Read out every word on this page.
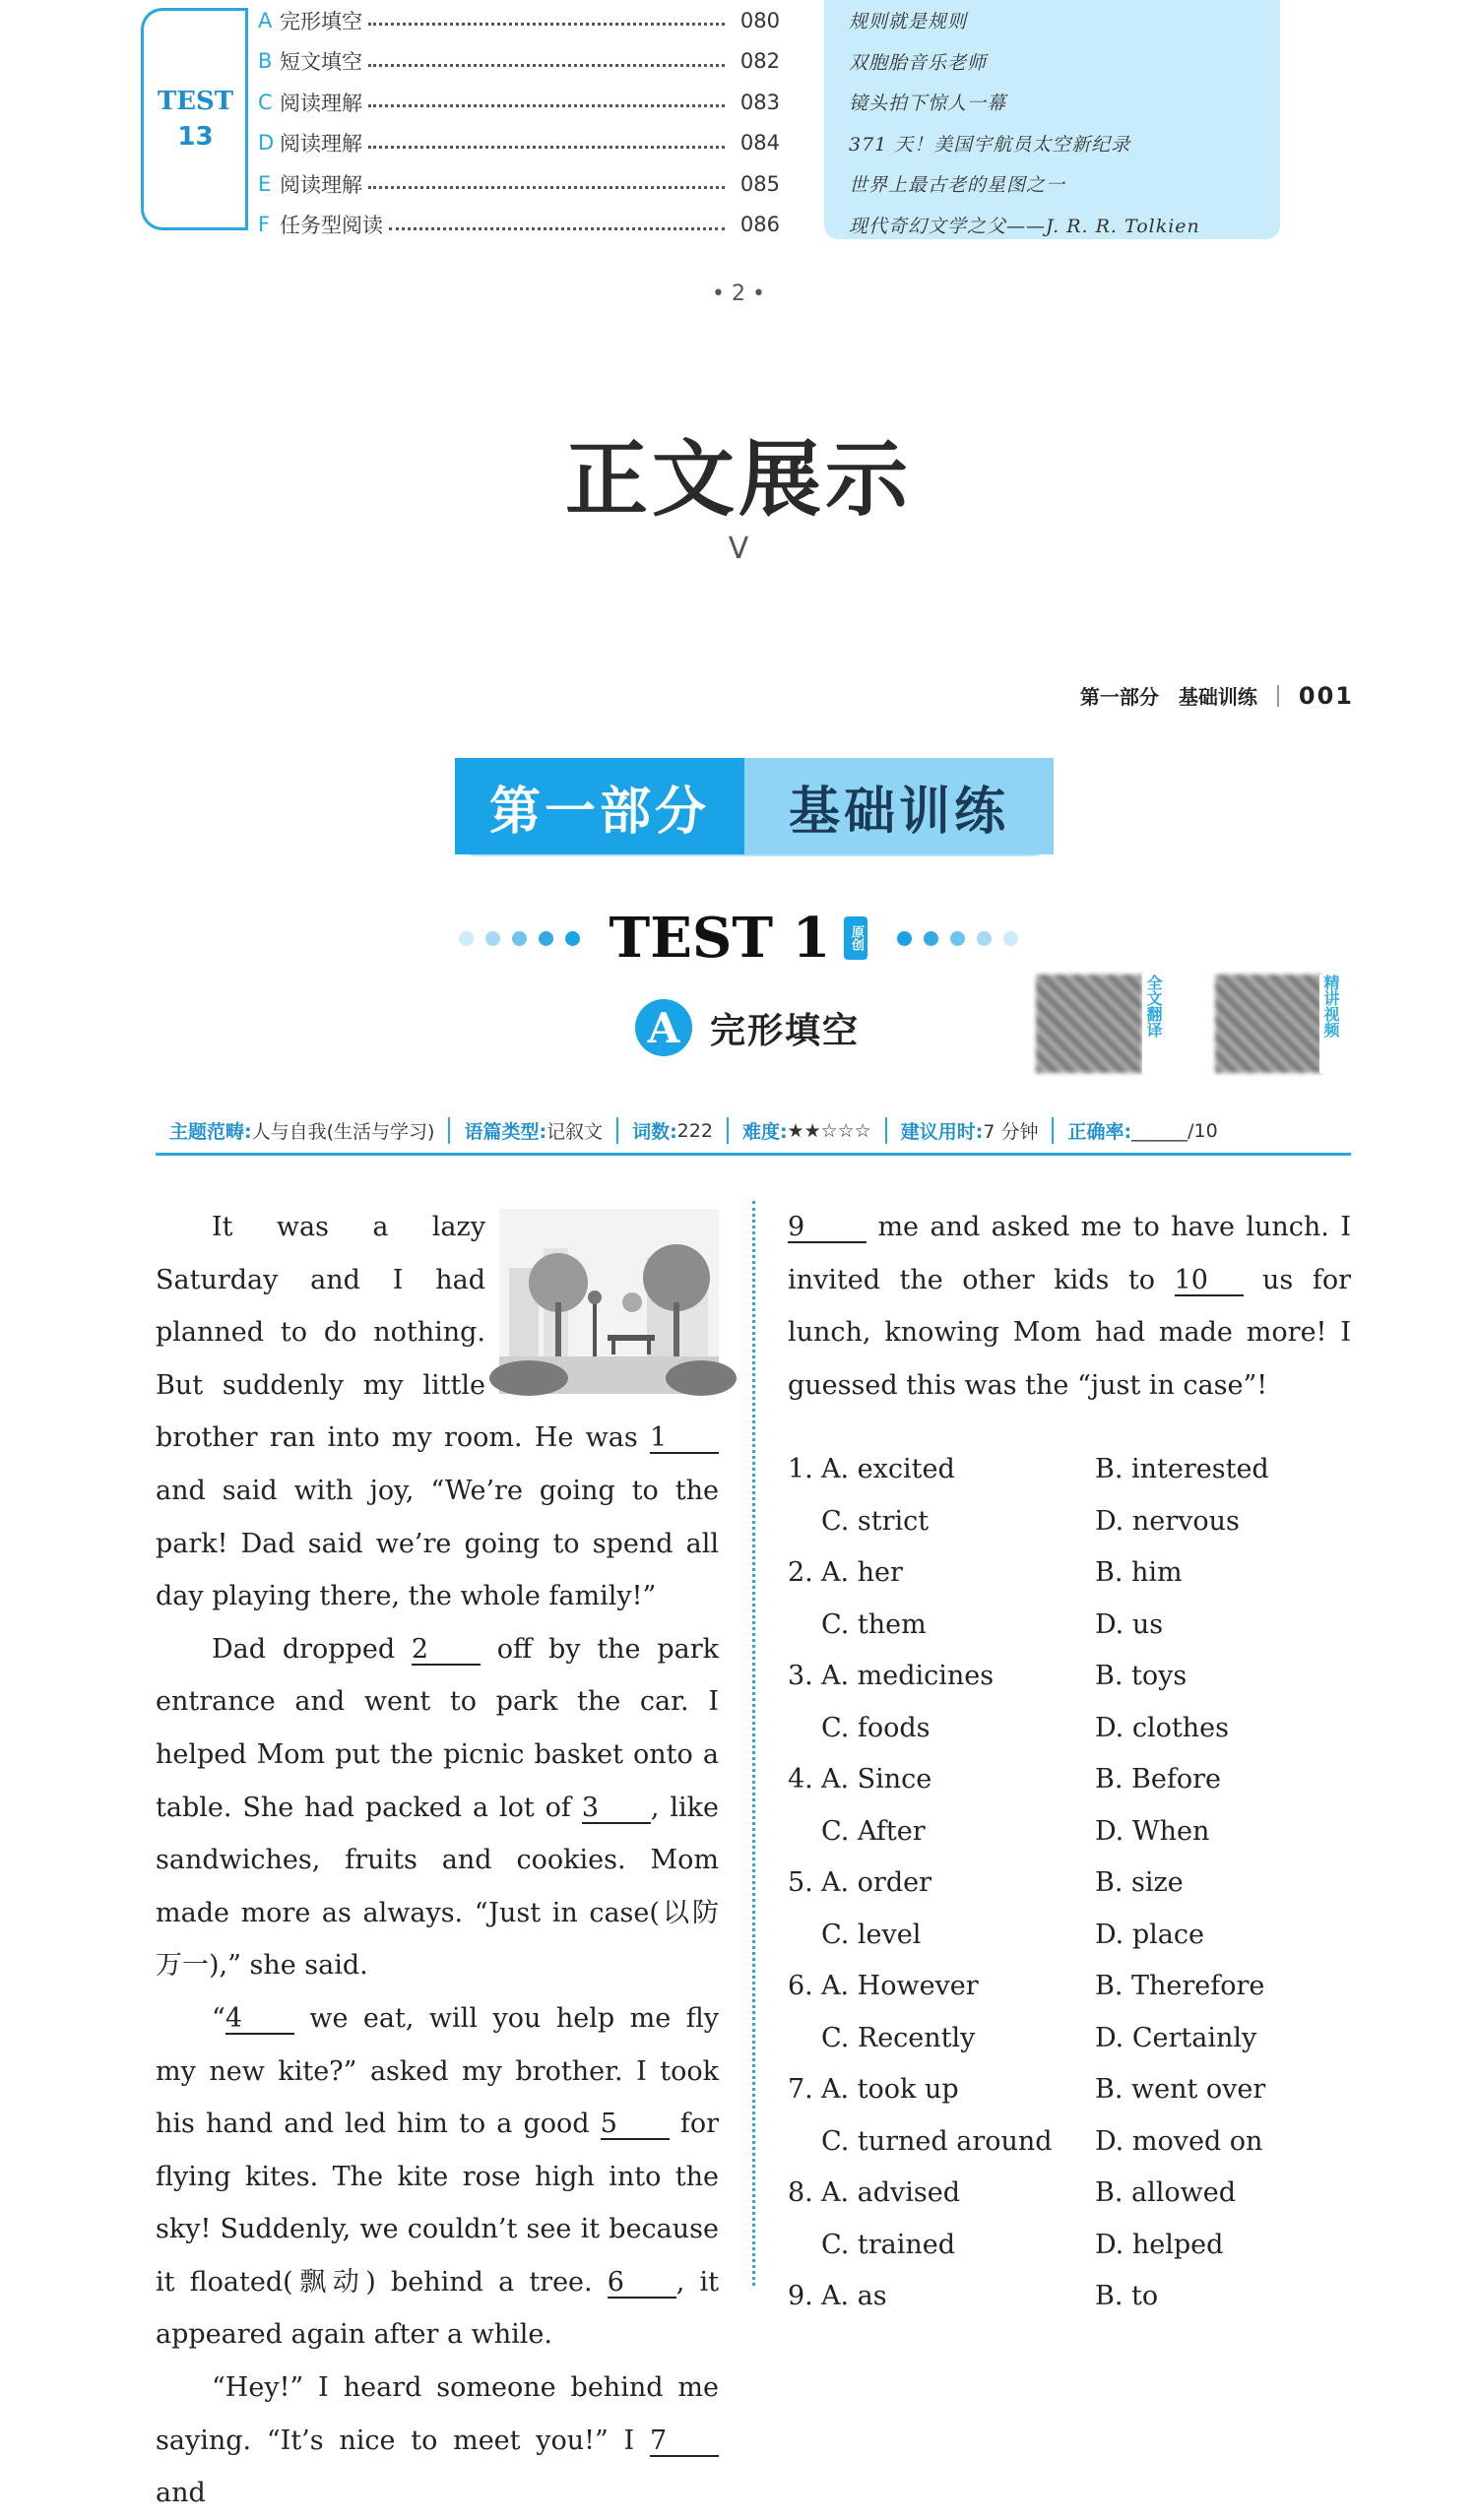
TEST
13
A 完形填空	080
B 短文填空	082
C 阅读理解	083
D 阅读理解	084
E 阅读理解	085
F 任务型阅读	086
规则就是规则
双胞胎音乐老师
镜头拍下惊人一幕
371 天！美国宇航员太空新纪录
世界上最古老的星图之一
现代奇幻文学之父——J. R. R. Tolkien
• 2 •
正文展示
V
第一部分 基础训练 001
第一部分	基础训练
TEST 1 原创
A 完形填空	全文翻译	精讲视频
主题范畴: 人与自我(生活与学习) 语篇类型: 记叙文 词数: 222 难度: ★★☆☆☆ 建议用时: 7 分钟 正确率: ______/10

It was a lazy Saturday and I had planned to do nothing. But suddenly my little brother ran into my room. He was 1 and said with joy, “We’re going to the park! Dad said we’re going to spend all day playing there, the whole family!”

Dad dropped 2	off by the park entrance and went to park the car. I helped Mom put the picnic basket onto a table. She had packed a lot of 3 , like sandwiches, fruits and cookies. Mom made more as always. “Just in case(以防万一),” she said.

“4	we eat, will you help me fly my new kite?” asked my brother. I took his hand and led him to a good 5 for flying kites. The kite rose high into the sky! Suddenly, we couldn’t see it because it floated(飘动) behind a tree. 6 , it appeared again after a while.

“Hey!” I heard someone behind me saying. “It’s nice to meet you!” I 7 and

9	me and asked me to have lunch. I invited the other kids to 10 us for lunch, knowing Mom had made more! I guessed this was the “just in case”!

1. A. excited	B. interested
C. strict	D. nervous
2. A. her	B. him
C. them	D. us
3. A. medicines	B. toys
C. foods	D. clothes
4. A. Since	B. Before
C. After	D. When
5. A. order	B. size
C. level	D. place
6. A. However	B. Therefore
C. Recently	D. Certainly
7. A. took up	B. went over
C. turned around	D. moved on
8. A. advised	B. allowed
C. trained	D. helped
9. A. as	B. to
